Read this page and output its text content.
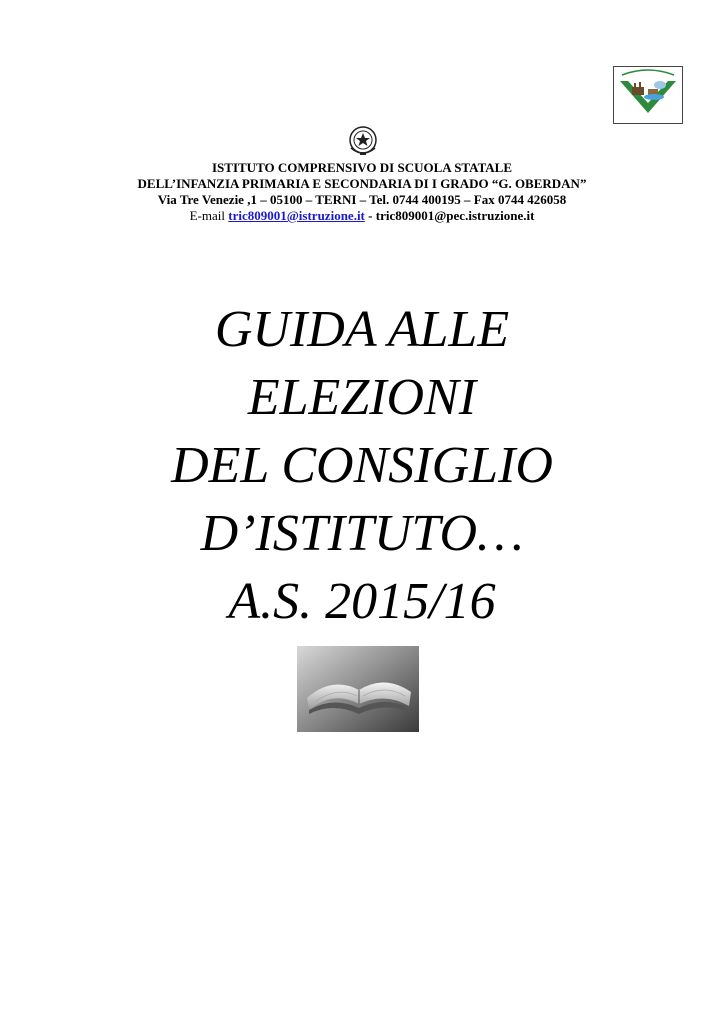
ISTITUTO COMPRENSIVO DI SCUOLA STATALE
DELL’INFANZIA PRIMARIA E SECONDARIA DI I GRADO “G. OBERDAN”
Via Tre Venezie ,1 – 05100 – TERNI – Tel. 0744 400195 – Fax 0744 426058
E-mail tric809001@istruzione.it - tric809001@pec.istruzione.it
GUIDA ALLE
ELEZIONI
DEL CONSIGLIO
D’ISTITUTO…
A.S. 2015/16
